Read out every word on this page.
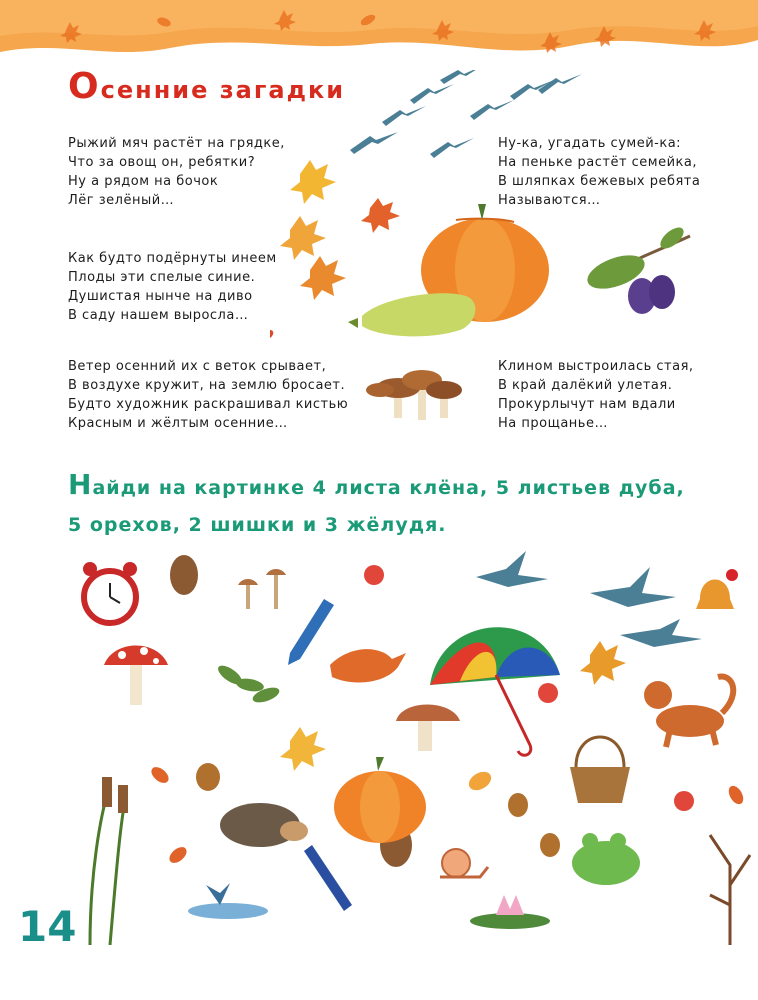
Осенние загадки
Рыжий мяч растёт на грядке,
Что за овощ он, ребятки?
Ну а рядом на бочок
Лёг зелёный…
Как будто подёрнуты инеем
Плоды эти спелые синие.
Душистая нынче на диво
В саду нашем выросла…
Ветер осенний их с веток срывает,
В воздухе кружит, на землю бросает.
Будто художник раскрашивал кистью
Красным и жёлтым осенние…
Ну-ка, угадать сумей-ка:
На пеньке растёт семейка,
В шляпках бежевых ребята
Называются…
Клином выстроилась стая,
В край далёкий улетая.
Прокурлычут нам вдали
На прощанье…
Найди на картинке 4 листа клёна, 5 листьев дуба,
5 орехов, 2 шишки и 3 жёлудя.
14
